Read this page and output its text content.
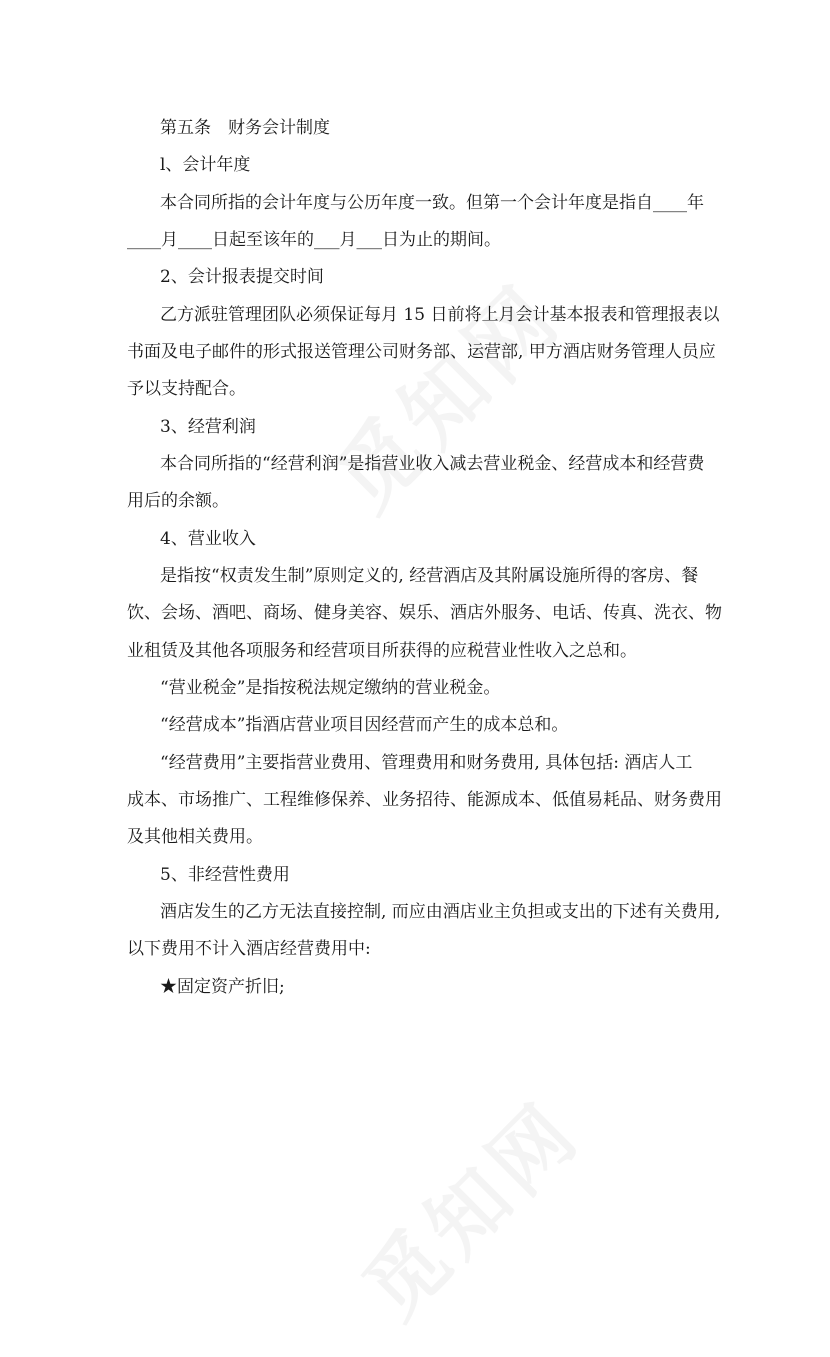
第五条　财务会计制度
l、会计年度
本合同所指的会计年度与公历年度一致。但第一个会计年度是指自____年
____月____日起至该年的___月___日为止的期间。
2、会计报表提交时间
乙方派驻管理团队必须保证每月 15 日前将上月会计基本报表和管理报表以
书面及电子邮件的形式报送管理公司财务部、运营部, 甲方酒店财务管理人员应
予以支持配合。
3、经营利润
本合同所指的“经营利润”是指营业收入减去营业税金、经营成本和经营费
用后的余额。
4、营业收入
是指按“权责发生制”原则定义的, 经营酒店及其附属设施所得的客房、餐
饮、会场、酒吧、商场、健身美容、娱乐、酒店外服务、电话、传真、洗衣、物
业租赁及其他各项服务和经营项目所获得的应税营业性收入之总和。
“营业税金”是指按税法规定缴纳的营业税金。
“经营成本”指酒店营业项目因经营而产生的成本总和。
“经营费用”主要指营业费用、管理费用和财务费用, 具体包括: 酒店人工
成本、市场推广、工程维修保养、业务招待、能源成本、低值易耗品、财务费用
及其他相关费用。
5、非经营性费用
酒店发生的乙方无法直接控制, 而应由酒店业主负担或支出的下述有关费用,
以下费用不计入酒店经营费用中:
★固定资产折旧;
